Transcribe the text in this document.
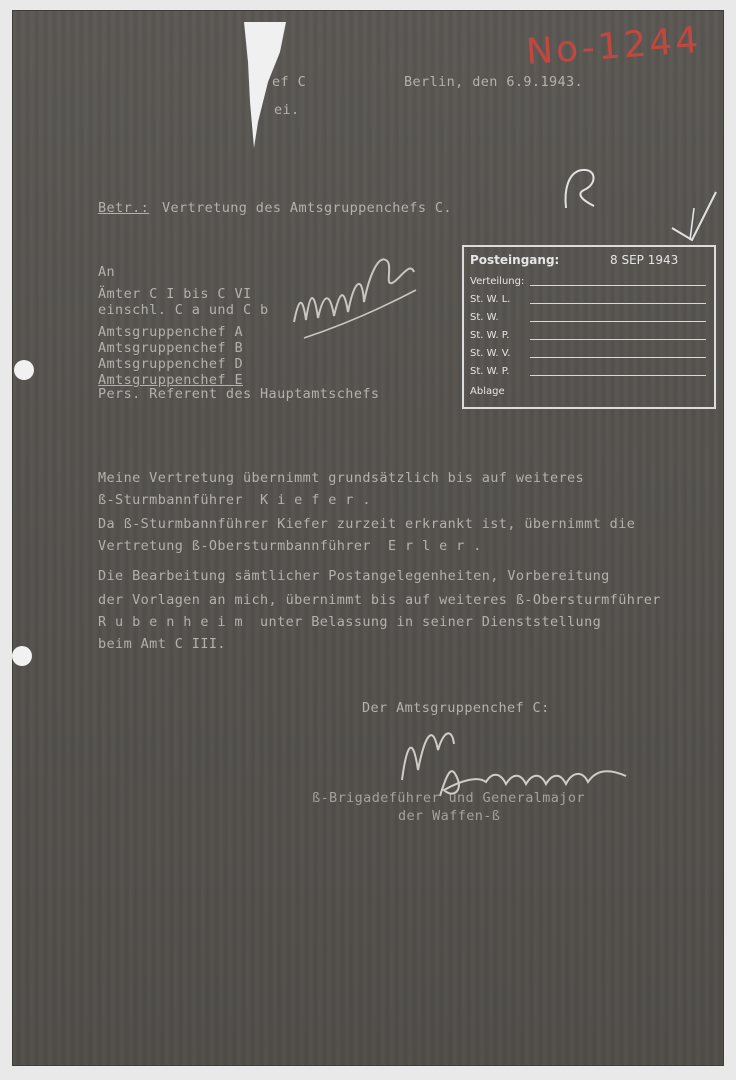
ef C
ei.
Berlin, den 6.9.1943.
Betr.: Vertretung des Amtsgruppenchefs C.
An
Ämter C I bis C VI
einschl. C a und C b
Amtsgruppenchef A
Amtsgruppenchef B
Amtsgruppenchef D
Amtsgruppenchef E
Pers. Referent des Hauptamtschefs
No-1244
Posteingang:	8 SEP 1943
Verteilung:
St. W. L.
St. W.
St. W. P.
St. W. V.
St. W. P.
Ablage
Meine Vertretung übernimmt grundsätzlich bis auf weiteres
ß-Sturmbannführer  K i e f e r .
Da ß-Sturmbannführer Kiefer zurzeit erkrankt ist, übernimmt die
Vertretung ß-Obersturmbannführer  E r l e r .
Die Bearbeitung sämtlicher Postangelegenheiten, Vorbereitung
der Vorlagen an mich, übernimmt bis auf weiteres ß-Obersturmführer
R u b e n h e i m  unter Belassung in seiner Dienststellung
beim Amt C III.
Der Amtsgruppenchef C:
ß-Brigadeführer und Generalmajor
der Waffen-ß
